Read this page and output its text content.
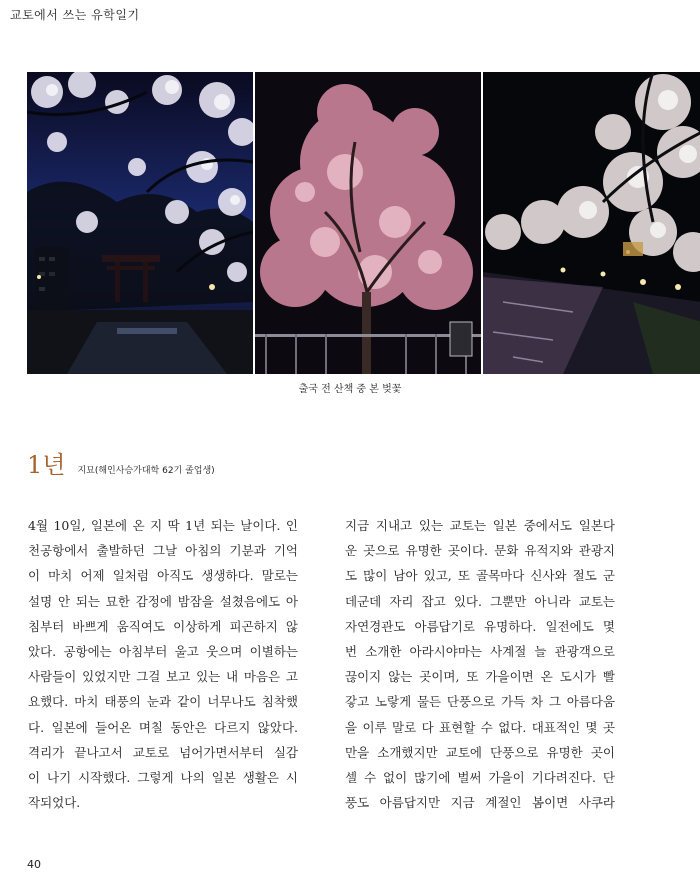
교토에서 쓰는 유학일기
출국 전 산책 중 본 벚꽃
1년 지묘(해인사승가대학 62기 졸업생)
4월 10일, 일본에 온 지 딱 1년 되는 날이다. 인
천공항에서 출발하던 그날 아침의 기분과 기억
이 마치 어제 일처럼 아직도 생생하다. 말로는
설명 안 되는 묘한 감정에 밤잠을 설쳤음에도 아
침부터 바쁘게 움직여도 이상하게 피곤하지 않
았다. 공항에는 아침부터 울고 웃으며 이별하는
사람들이 있었지만 그걸 보고 있는 내 마음은 고
요했다. 마치 태풍의 눈과 같이 너무나도 침착했
다. 일본에 들어온 며칠 동안은 다르지 않았다.
격리가 끝나고서 교토로 넘어가면서부터 실감
이 나기 시작했다. 그렇게 나의 일본 생활은 시
작되었다.
지금 지내고 있는 교토는 일본 중에서도 일본다
운 곳으로 유명한 곳이다. 문화 유적지와 관광지
도 많이 남아 있고, 또 골목마다 신사와 절도 군
데군데 자리 잡고 있다. 그뿐만 아니라 교토는
자연경관도 아름답기로 유명하다. 일전에도 몇
번 소개한 아라시야마는 사계절 늘 관광객으로
끊이지 않는 곳이며, 또 가을이면 온 도시가 빨
갛고 노랗게 물든 단풍으로 가득 차 그 아름다움
을 이루 말로 다 표현할 수 없다. 대표적인 몇 곳
만을 소개했지만 교토에 단풍으로 유명한 곳이
셀 수 없이 많기에 벌써 가을이 기다려진다. 단
풍도 아름답지만 지금 계절인 봄이면 사쿠라
40
